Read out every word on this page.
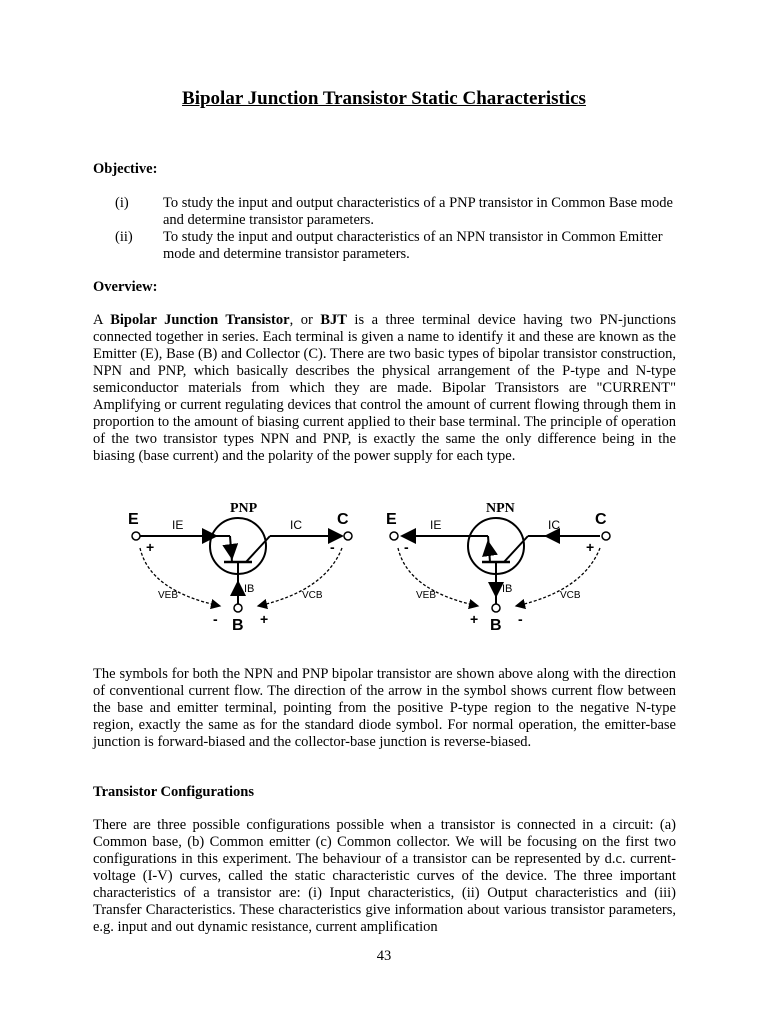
Bipolar Junction Transistor Static Characteristics
Objective:
(i) To study the input and output characteristics of a PNP transistor in Common Base mode and determine transistor parameters.
(ii) To study the input and output characteristics of an NPN transistor in Common Emitter mode and determine transistor parameters.
Overview:

A Bipolar Junction Transistor, or BJT is a three terminal device having two PN-junctions connected together in series. Each terminal is given a name to identify it and these are known as the Emitter (E), Base (B) and Collector (C). There are two basic types of bipolar transistor construction, NPN and PNP, which basically describes the physical arrangement of the P-type and N-type semiconductor materials from which they are made. Bipolar Transistors are "CURRENT" Amplifying or current regulating devices that control the amount of current flowing through them in proportion to the amount of biasing current applied to their base terminal. The principle of operation of the two transistor types NPN and PNP, is exactly the same the only difference being in the biasing (base current) and the polarity of the power supply for each type.

PNP
E	C
IE	IC
IB
+	-
VEB	VCB
- B +
NPN
E	C
IE	IC
IB
-	+
VEB	VCB
+ B -

The symbols for both the NPN and PNP bipolar transistor are shown above along with the direction of conventional current flow. The direction of the arrow in the symbol shows current flow between the base and emitter terminal, pointing from the positive P-type region to the negative N-type region, exactly the same as for the standard diode symbol. For normal operation, the emitter-base junction is forward-biased and the collector-base junction is reverse-biased.

Transistor Configurations

There are three possible configurations possible when a transistor is connected in a circuit: (a) Common base, (b) Common emitter (c) Common collector. We will be focusing on the first two configurations in this experiment. The behaviour of a transistor can be represented by d.c. current-voltage (I-V) curves, called the static characteristic curves of the device. The three important characteristics of a transistor are: (i) Input characteristics, (ii) Output characteristics and (iii) Transfer Characteristics. These characteristics give information about various transistor parameters, e.g. input and out dynamic resistance, current amplification

43
